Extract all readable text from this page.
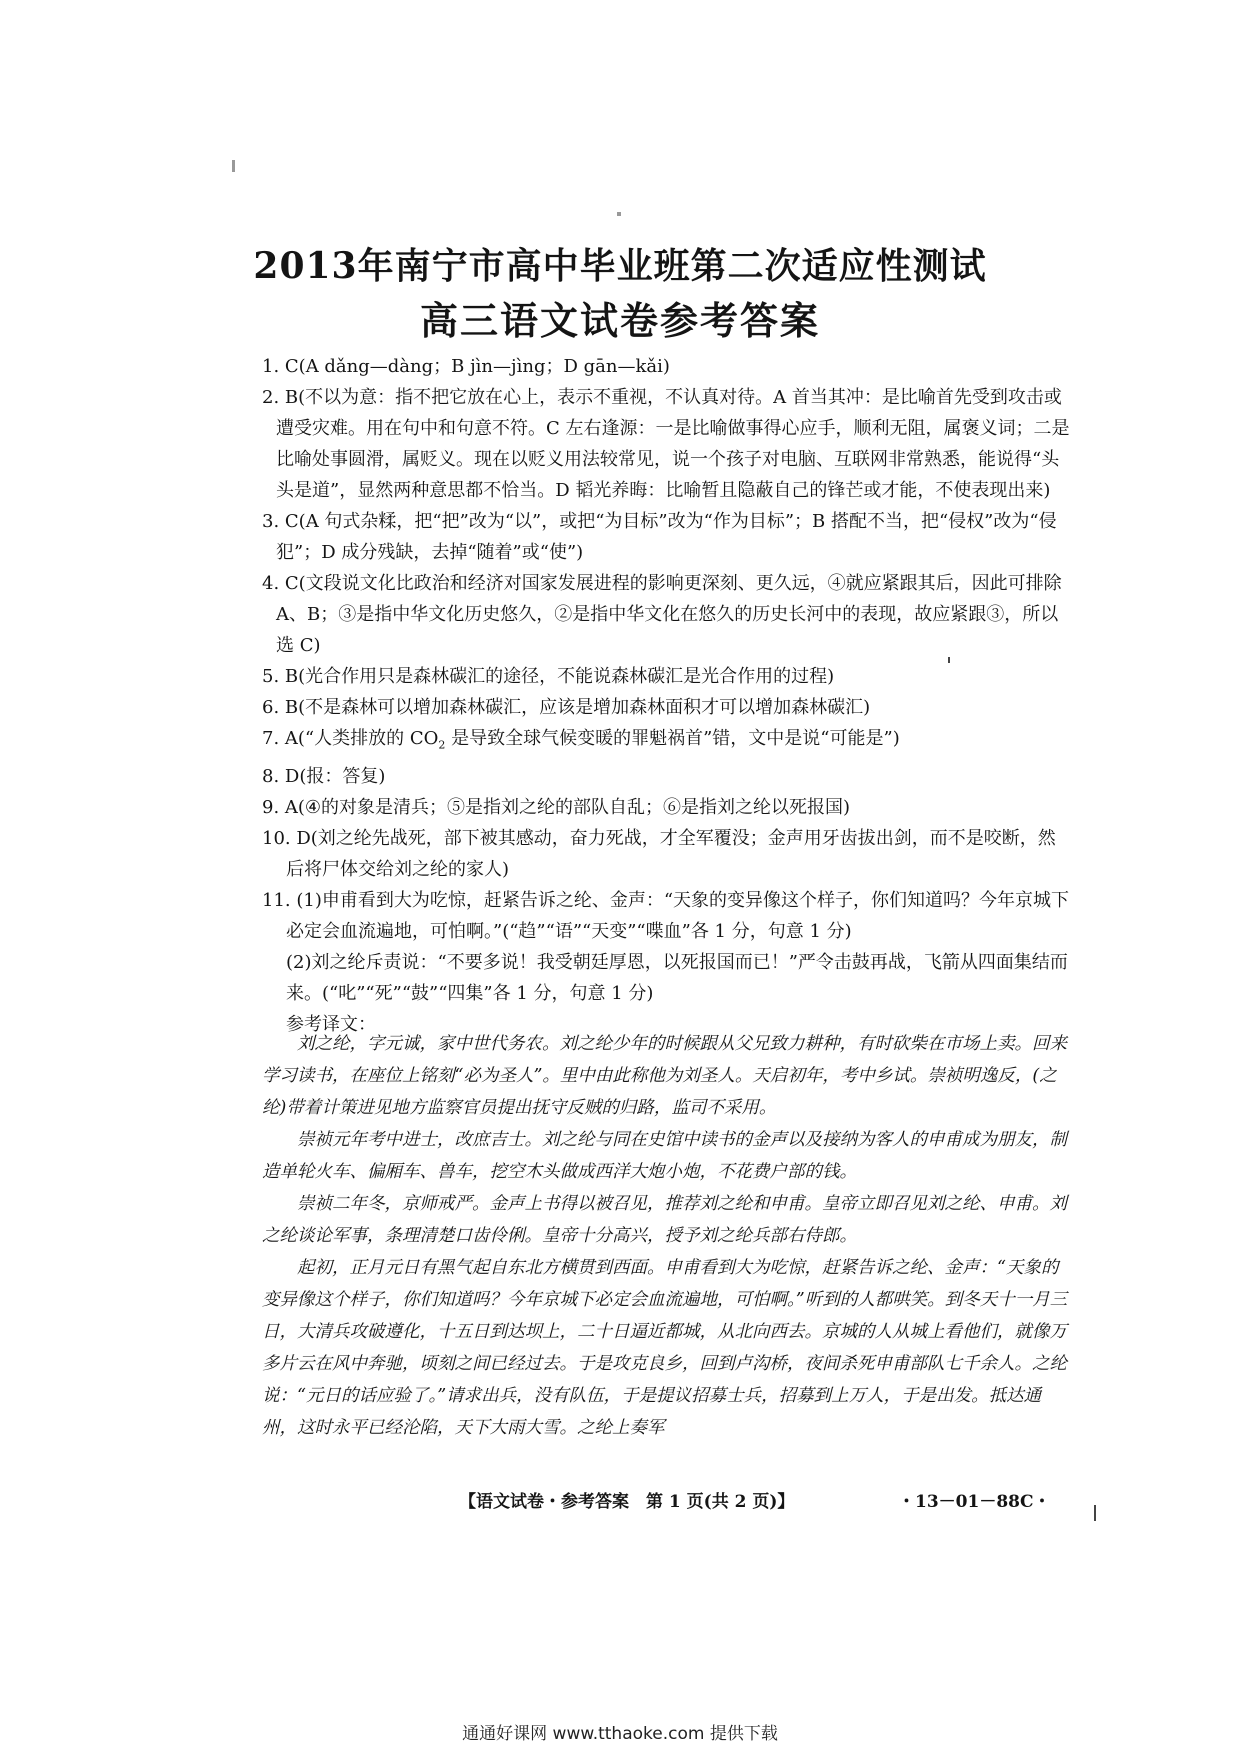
2013年南宁市高中毕业班第二次适应性测试
高三语文试卷参考答案

1. C(A dǎng—dàng；B jìn—jìng；D gān—kǎi)

2. B(不以为意：指不把它放在心上，表示不重视，不认真对待。A 首当其冲：是比喻首先受到攻击或遭受灾难。用在句中和句意不符。C 左右逢源：一是比喻做事得心应手，顺利无阻，属褒义词；二是比喻处事圆滑，属贬义。现在以贬义用法较常见，说一个孩子对电脑、互联网非常熟悉，能说得“头头是道”，显然两种意思都不恰当。D 韬光养晦：比喻暂且隐蔽自己的锋芒或才能，不使表现出来)

3. C(A 句式杂糅，把“把”改为“以”，或把“为目标”改为“作为目标”；B 搭配不当，把“侵权”改为“侵犯”；D 成分残缺，去掉“随着”或“使”)

4. C(文段说文化比政治和经济对国家发展进程的影响更深刻、更久远，④就应紧跟其后，因此可排除 A、B；③是指中华文化历史悠久，②是指中华文化在悠久的历史长河中的表现，故应紧跟③，所以选 C)

5. B(光合作用只是森林碳汇的途径，不能说森林碳汇是光合作用的过程)

6. B(不是森林可以增加森林碳汇，应该是增加森林面积才可以增加森林碳汇)

7. A(“人类排放的 $CO_2$ 是导致全球气候变暖的罪魁祸首”错，文中是说“可能是”)

8. D(报：答复)

9. A(④的对象是清兵；⑤是指刘之纶的部队自乱；⑥是指刘之纶以死报国)

10. D(刘之纶先战死，部下被其感动，奋力死战，才全军覆没；金声用牙齿拔出剑，而不是咬断，然后将尸体交给刘之纶的家人)

11. (1)申甫看到大为吃惊，赶紧告诉之纶、金声：“天象的变异像这个样子，你们知道吗？今年京城下必定会血流遍地，可怕啊。”(“趋”“语”“天变”“喋血”各 1 分，句意 1 分)

(2)刘之纶斥责说：“不要多说！我受朝廷厚恩，以死报国而已！”严令击鼓再战，飞箭从四面集结而来。(“叱”“死”“鼓”“四集”各 1 分，句意 1 分)

参考译文：

刘之纶，字元诚，家中世代务农。刘之纶少年的时候跟从父兄致力耕种，有时砍柴在市场上卖。回来学习读书，在座位上铭刻“必为圣人”。里中由此称他为刘圣人。天启初年，考中乡试。崇祯明逸反，(之纶)带着计策进见地方监察官员提出抚守反贼的归路，监司不采用。

崇祯元年考中进士，改庶吉士。刘之纶与同在史馆中读书的金声以及接纳为客人的申甫成为朋友，制造单轮火车、偏厢车、兽车，挖空木头做成西洋大炮小炮，不花费户部的钱。

崇祯二年冬，京师戒严。金声上书得以被召见，推荐刘之纶和申甫。皇帝立即召见刘之纶、申甫。刘之纶谈论军事，条理清楚口齿伶俐。皇帝十分高兴，授予刘之纶兵部右侍郎。

起初，正月元日有黑气起自东北方横贯到西面。申甫看到大为吃惊，赶紧告诉之纶、金声：“天象的变异像这个样子，你们知道吗？今年京城下必定会血流遍地，可怕啊。”听到的人都哄笑。到冬天十一月三日，大清兵攻破遵化，十五日到达坝上，二十日逼近都城，从北向西去。京城的人从城上看他们，就像万多片云在风中奔驰，顷刻之间已经过去。于是攻克良乡，回到卢沟桥，夜间杀死申甫部队七千余人。之纶说：“元日的话应验了。”请求出兵，没有队伍，于是提议招募士兵，招募到上万人，于是出发。抵达通州，这时永平已经沦陷，天下大雨大雪。之纶上奏军

【语文试卷・参考答案　第 1 页(共 2 页)】	・13－01－88C・
通通好课网 www.tthaoke.com 提供下载
